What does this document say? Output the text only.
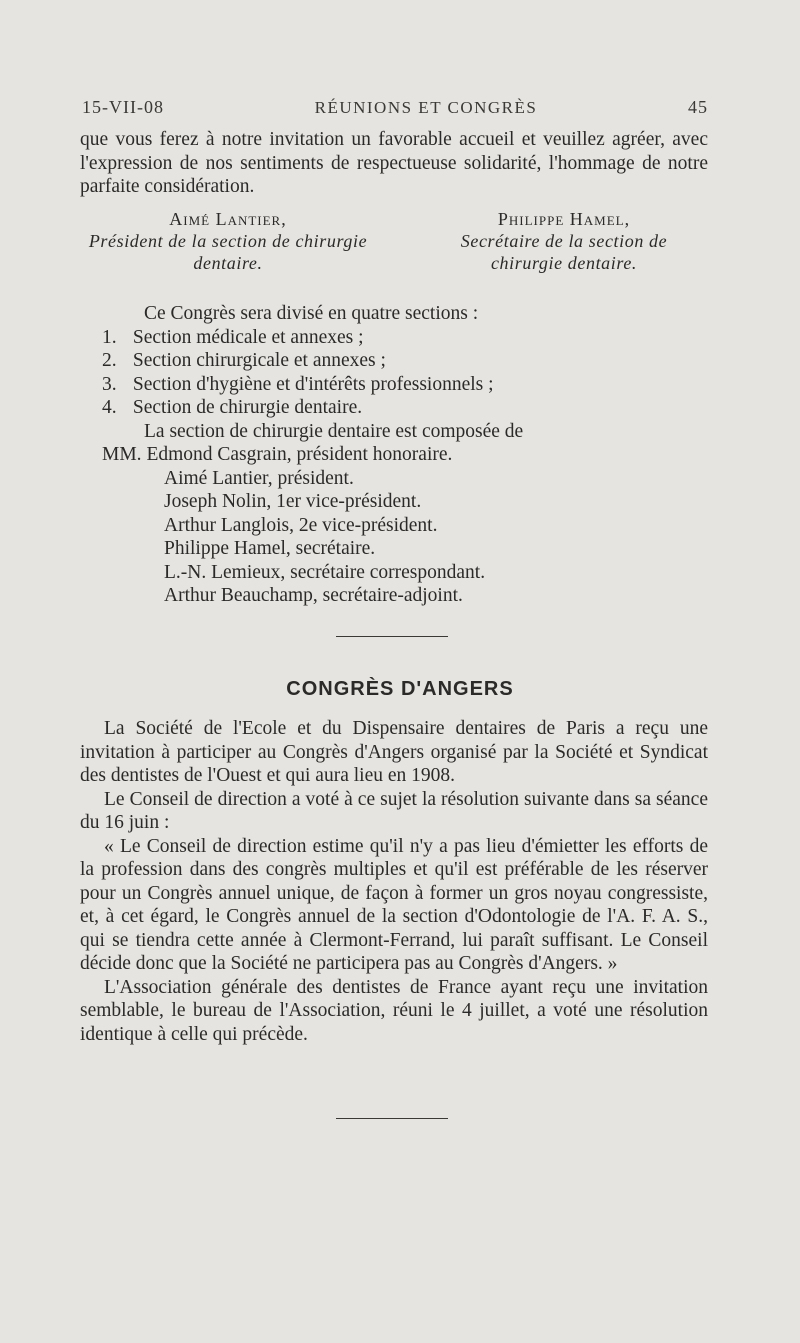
15-VII-08	RÉUNIONS ET CONGRÈS	45

que vous ferez à notre invitation un favorable accueil et veuillez agréer, avec l'expression de nos sentiments de respectueuse solidarité, l'hommage de notre parfaite considération.

Aimé Lantier,
Président de la section de chirurgie
dentaire.
Philippe Hamel,
Secrétaire de la section de
chirurgie dentaire.

Ce Congrès sera divisé en quatre sections :

1. Section médicale et annexes ;

2. Section chirurgicale et annexes ;

3. Section d'hygiène et d'intérêts professionnels ;

4. Section de chirurgie dentaire.

La section de chirurgie dentaire est composée de

MM. Edmond Casgrain, président honoraire.

Aimé Lantier, président.

Joseph Nolin, 1er vice-président.

Arthur Langlois, 2e vice-président.

Philippe Hamel, secrétaire.

L.-N. Lemieux, secrétaire correspondant.

Arthur Beauchamp, secrétaire-adjoint.

CONGRÈS D'ANGERS

La Société de l'Ecole et du Dispensaire dentaires de Paris a reçu une invitation à participer au Congrès d'Angers organisé par la Société et Syndicat des dentistes de l'Ouest et qui aura lieu en 1908.

Le Conseil de direction a voté à ce sujet la résolution suivante dans sa séance du 16 juin :

« Le Conseil de direction estime qu'il n'y a pas lieu d'émietter les efforts de la profession dans des congrès multiples et qu'il est préférable de les réserver pour un Congrès annuel unique, de façon à former un gros noyau congressiste, et, à cet égard, le Congrès annuel de la section d'Odontologie de l'A. F. A. S., qui se tiendra cette année à Clermont-Ferrand, lui paraît suffisant. Le Conseil décide donc que la Société ne participera pas au Congrès d'Angers. »

L'Association générale des dentistes de France ayant reçu une invitation semblable, le bureau de l'Association, réuni le 4 juillet, a voté une résolution identique à celle qui précède.
